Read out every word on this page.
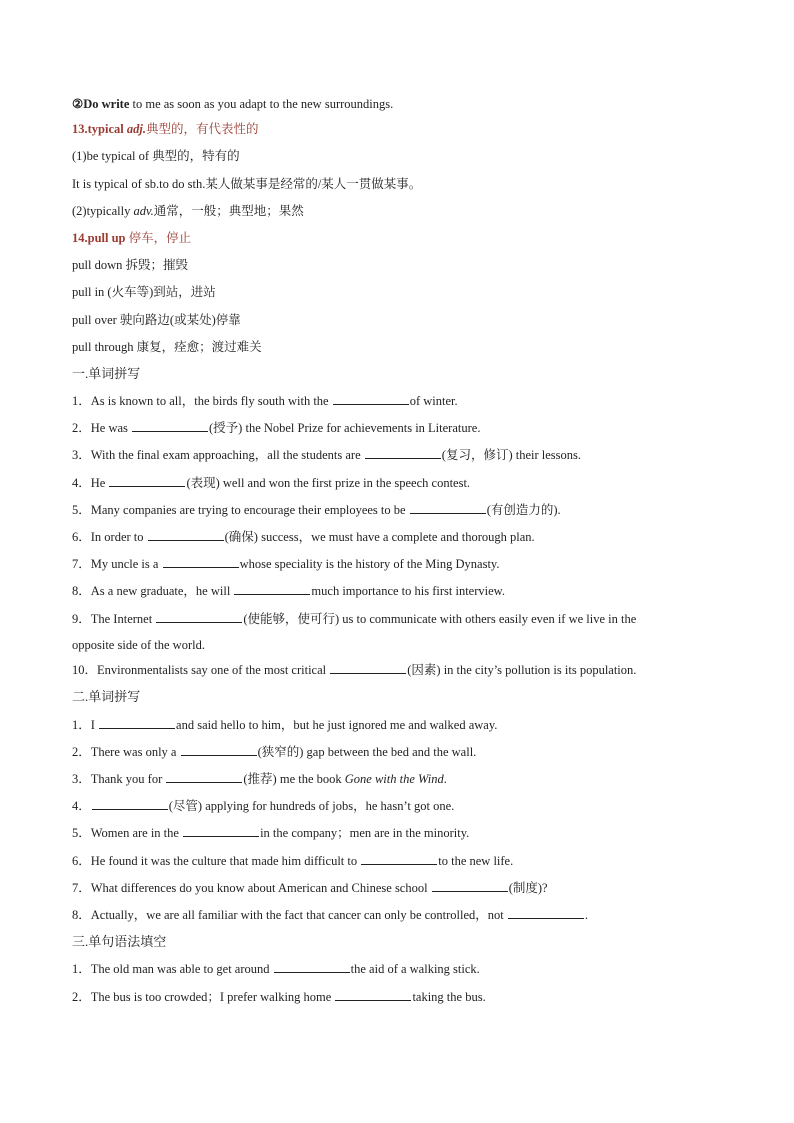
②Do write to me as soon as you adapt to the new surroundings.
13.typical adj.典型的，有代表性的
(1)be typical of 典型的，特有的
It is typical of sb.to do sth.某人做某事是经常的/某人一贯做某事。
(2)typically adv.通常，一般；典型地；果然
14.pull up 停车，停止
pull down 拆毁；摧毁
pull in (火车等)到站，进站
pull over 驶向路边(或某处)停靠
pull through 康复，痊愈；渡过难关
一.单词拼写
1．As is known to all，the birds fly south with the	of winter.
2．He was	(授予) the Nobel Prize for achievements in Literature.
3．With the final exam approaching，all the students are	(复习，修订) their lessons.
4．He	(表现) well and won the first prize in the speech contest.
5．Many companies are trying to encourage their employees to be	(有创造力的).
6．In order to	(确保) success，we must have a complete and thorough plan.
7．My uncle is a	whose speciality is the history of the Ming Dynasty.
8．As a new graduate，he will	much importance to his first interview.
9．The Internet	(使能够，使可行) us to communicate with others easily even if we live in the
opposite side of the world.
10．Environmentalists say one of the most critical	(因素) in the city’s pollution is its population.
二.单词拼写
1．I	and said hello to him，but he just ignored me and walked away.
2．There was only a	(狭窄的) gap between the bed and the wall.
3．Thank you for	(推荐) me the book Gone with the Wind.
4．	(尽管) applying for hundreds of jobs，he hasn’t got one.
5．Women are in the	in the company；men are in the minority.
6．He found it was the culture that made him difficult to	to the new life.
7．What differences do you know about American and Chinese school	(制度)?
8．Actually，we are all familiar with the fact that cancer can only be controlled，not	.
三.单句语法填空
1．The old man was able to get around	the aid of a walking stick.
2．The bus is too crowded；I prefer walking home	taking the bus.
